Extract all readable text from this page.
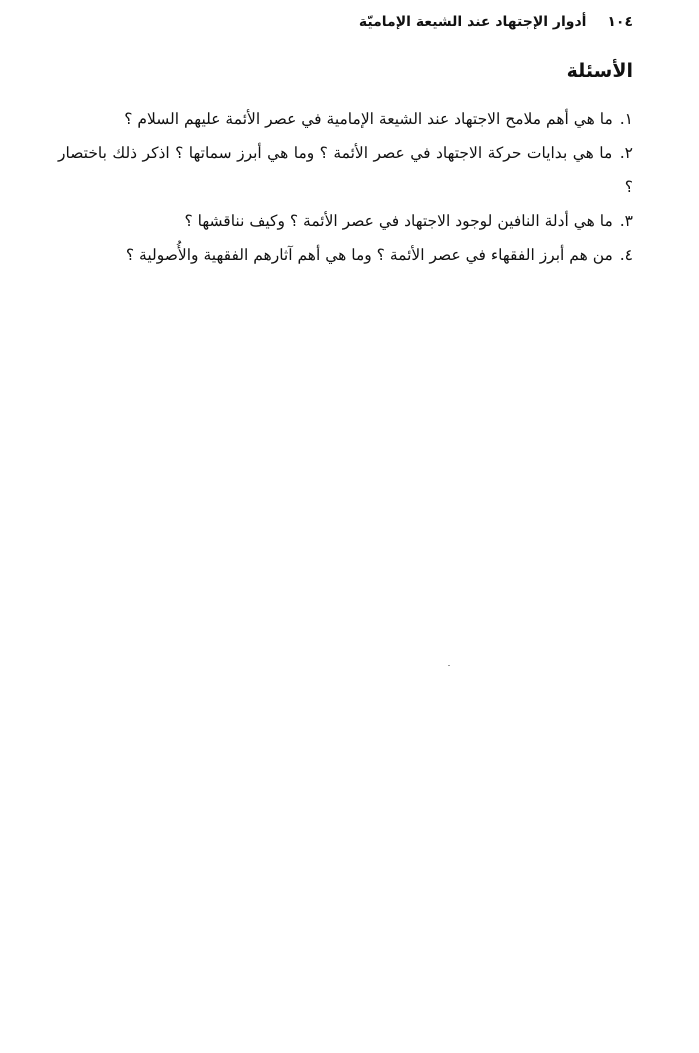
١٠٤ أدوار الإجتهاد عند الشيعة الإماميّة
الأسئلة
١. ما هي أهم ملامح الاجتهاد عند الشيعة الإمامية في عصر الأئمة عليهم السلام ؟
٢. ما هي بدايات حركة الاجتهاد في عصر الأئمة ؟ وما هي أبرز سماتها ؟ اذكر ذلك باختصار ؟
٣. ما هي أدلة النافين لوجود الاجتهاد في عصر الأئمة ؟ وكيف نناقشها ؟
٤. من هم أبرز الفقهاء في عصر الأئمة ؟ وما هي أهم آثارهم الفقهية والأُصولية ؟
